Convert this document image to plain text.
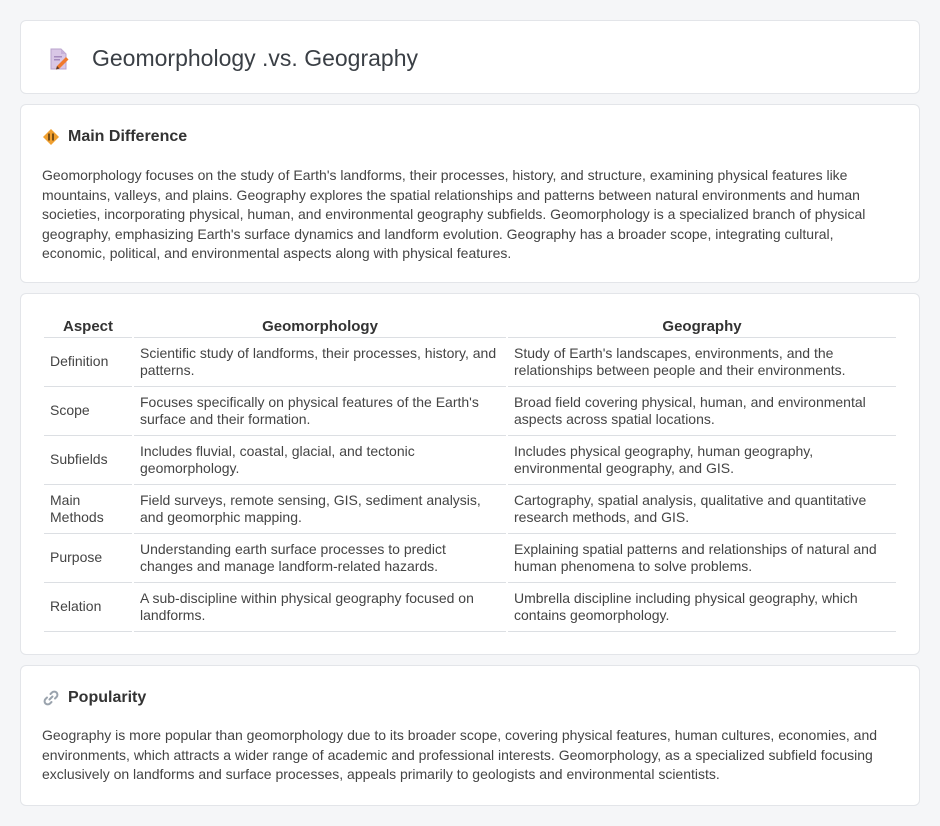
Geomorphology .vs. Geography
Main Difference

Geomorphology focuses on the study of Earth's landforms, their processes, history, and structure, examining physical features like mountains, valleys, and plains. Geography explores the spatial relationships and patterns between natural environments and human societies, incorporating physical, human, and environmental geography subfields. Geomorphology is a specialized branch of physical geography, emphasizing Earth's surface dynamics and landform evolution. Geography has a broader scope, integrating cultural, economic, political, and environmental aspects along with physical features.

Aspect	Geomorphology	Geography
Definition	Scientific study of landforms, their processes, history, and patterns.	Study of Earth's landscapes, environments, and the relationships between people and their environments.
Scope	Focuses specifically on physical features of the Earth's surface and their formation.	Broad field covering physical, human, and environmental aspects across spatial locations.
Subfields	Includes fluvial, coastal, glacial, and tectonic geomorphology.	Includes physical geography, human geography, environmental geography, and GIS.
Main Methods	Field surveys, remote sensing, GIS, sediment analysis, and geomorphic mapping.	Cartography, spatial analysis, qualitative and quantitative research methods, and GIS.
Purpose	Understanding earth surface processes to predict changes and manage landform-related hazards.	Explaining spatial patterns and relationships of natural and human phenomena to solve problems.
Relation	A sub-discipline within physical geography focused on landforms.	Umbrella discipline including physical geography, which contains geomorphology.
Popularity

Geography is more popular than geomorphology due to its broader scope, covering physical features, human cultures, economies, and environments, which attracts a wider range of academic and professional interests. Geomorphology, as a specialized subfield focusing exclusively on landforms and surface processes, appeals primarily to geologists and environmental scientists.
